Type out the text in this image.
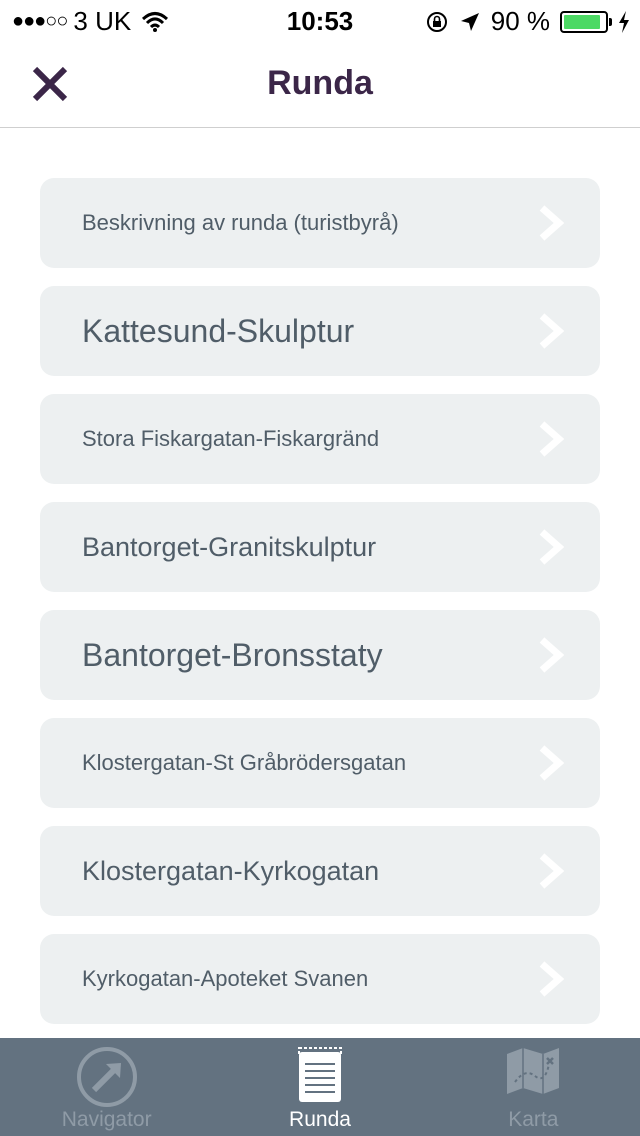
●●●○○ 3 UK	10:53	90 %
Runda
Beskrivning av runda (turistbyrå)
Kattesund-Skulptur
Stora Fiskargatan-Fiskargränd
Bantorget-Granitskulptur
Bantorget-Bronsstaty
Klostergatan-St Gråbrödersgatan
Klostergatan-Kyrkogatan
Kyrkogatan-Apoteket Svanen
Navigator	Runda	Karta
